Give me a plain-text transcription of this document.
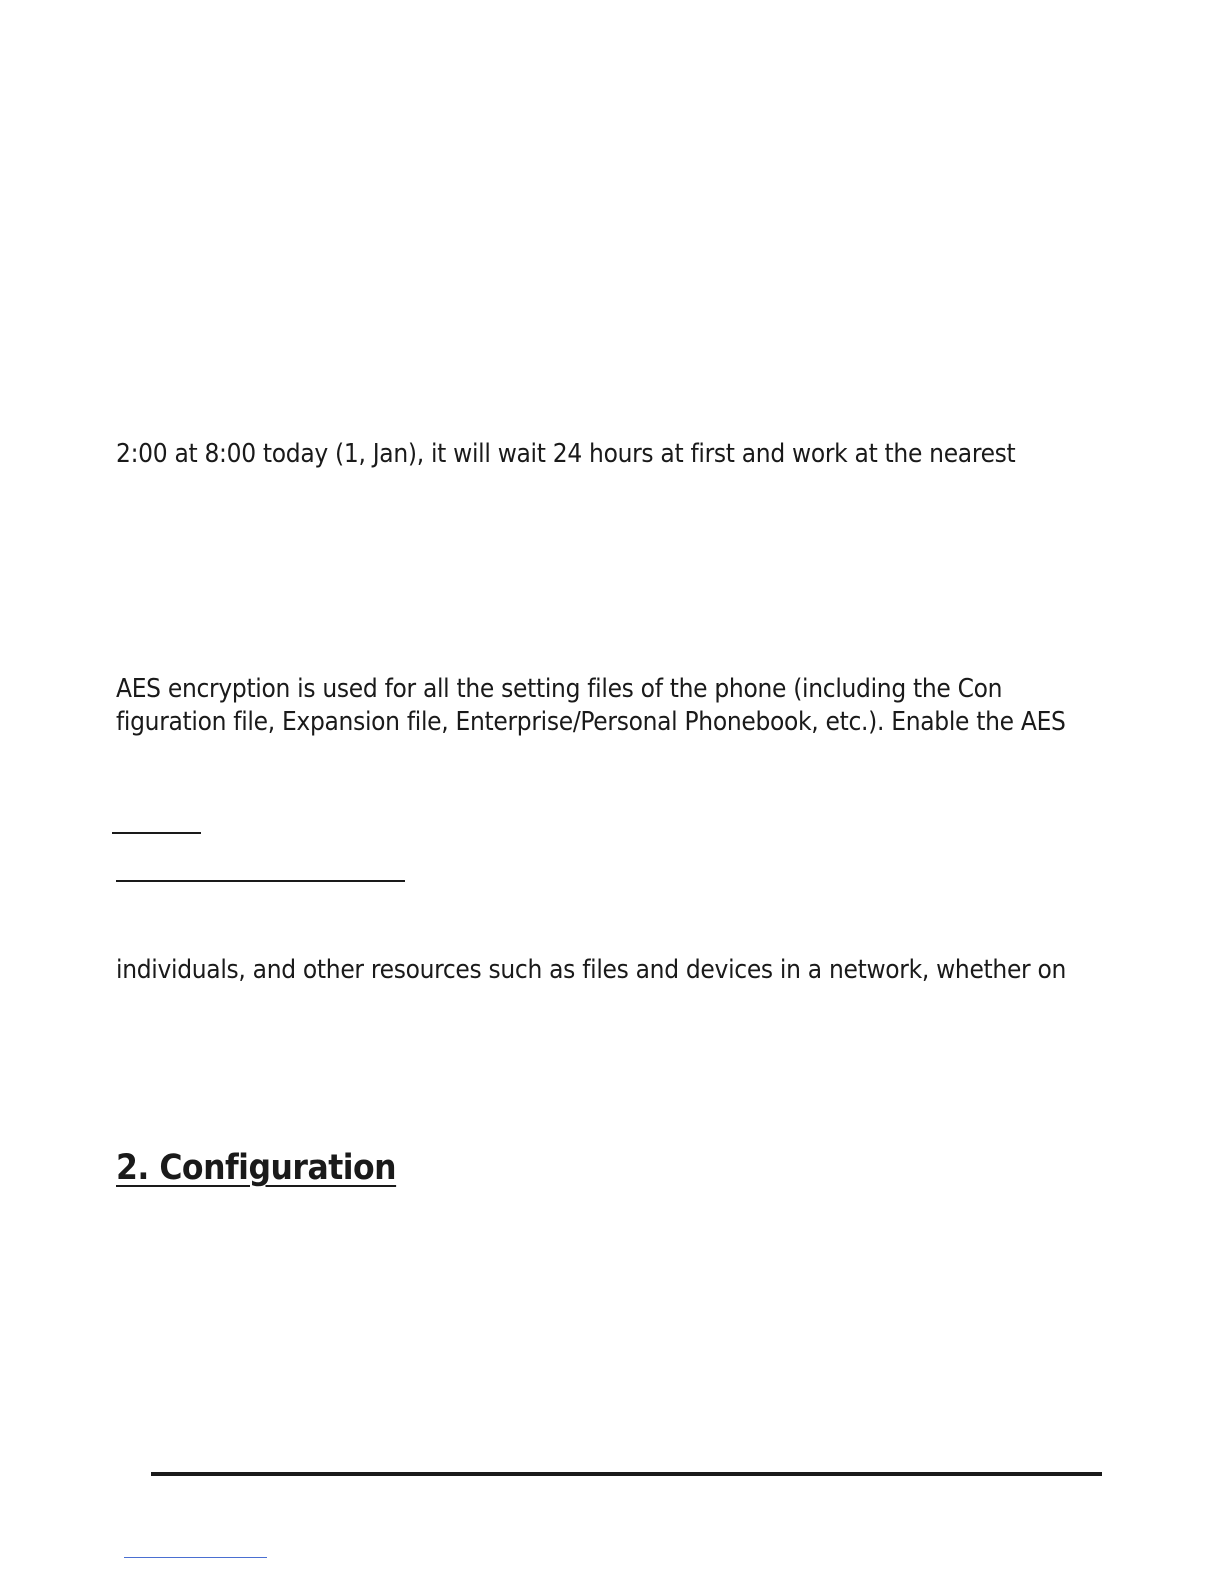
2:00 at 8:00 today (1, Jan), it will wait 24 hours at first and work at the nearest
AES encryption is used for all the setting files of the phone (including the Con
figuration file, Expansion file, Enterprise/Personal Phonebook, etc.). Enable the AES
individuals, and other resources such as files and devices in a network, whether on
2. Configuration
